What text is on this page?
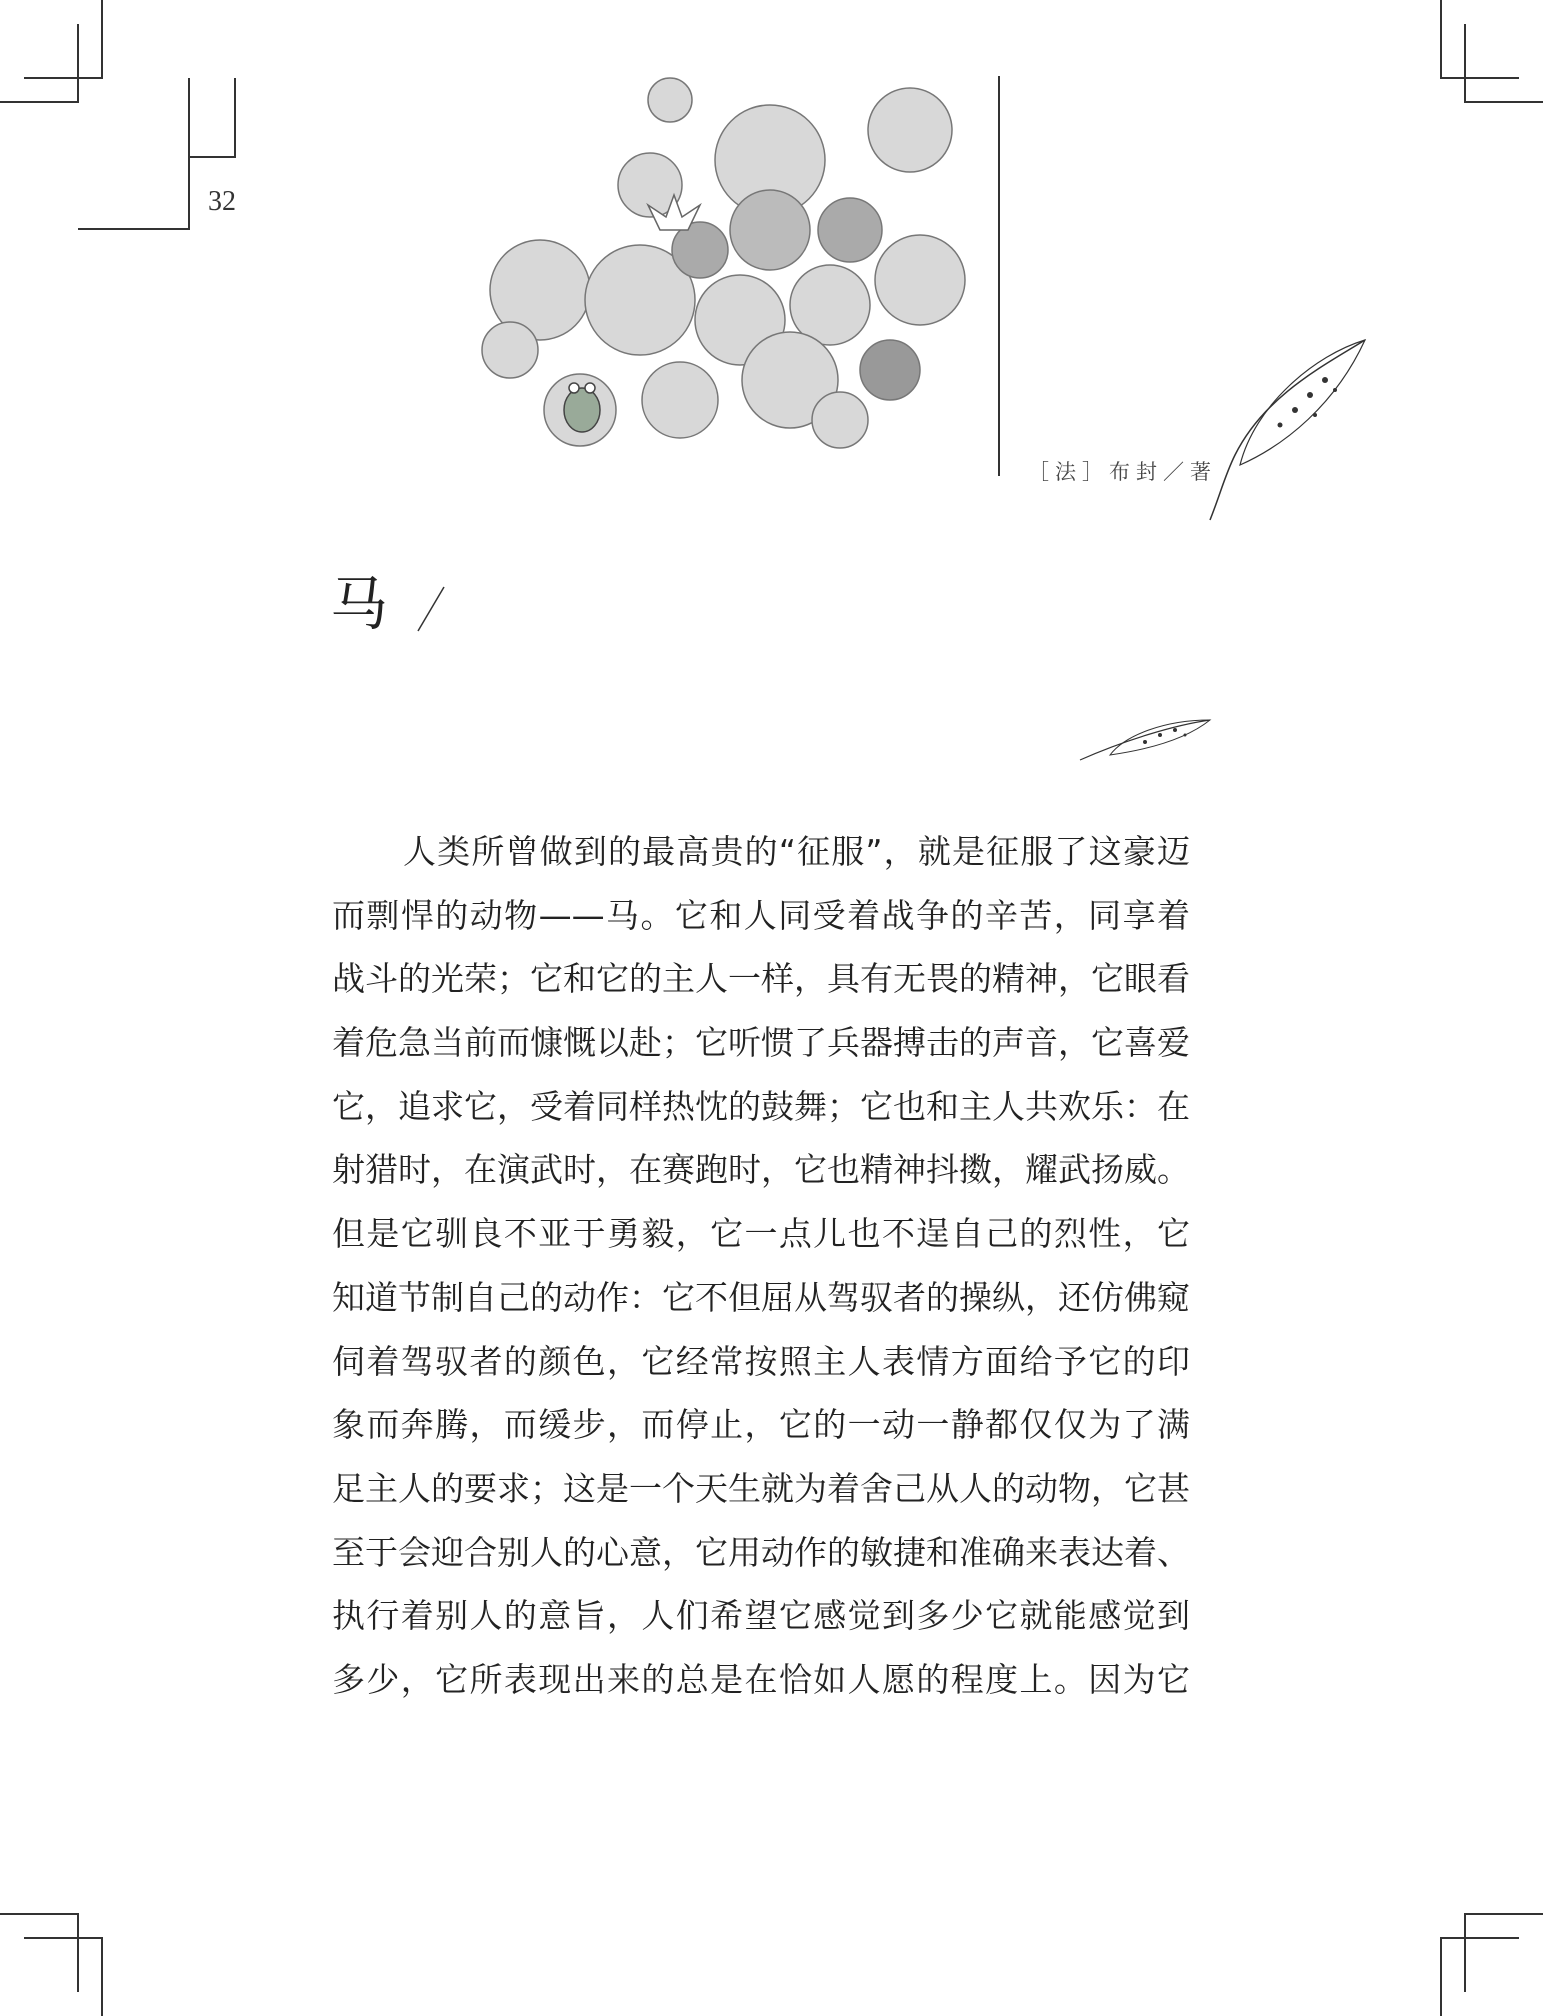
32
［法］布封／著
马
人类所曾做到的最高贵的“征服”，就是征服了这豪迈
而剽悍的动物——马。它和人同受着战争的辛苦，同享着
战斗的光荣；它和它的主人一样，具有无畏的精神，它眼看
着危急当前而慷慨以赴；它听惯了兵器搏击的声音，它喜爱
它，追求它，受着同样热忱的鼓舞；它也和主人共欢乐：在
射猎时，在演武时，在赛跑时，它也精神抖擞，耀武扬威。
但是它驯良不亚于勇毅，它一点儿也不逞自己的烈性，它
知道节制自己的动作：它不但屈从驾驭者的操纵，还仿佛窥
伺着驾驭者的颜色，它经常按照主人表情方面给予它的印
象而奔腾，而缓步，而停止，它的一动一静都仅仅为了满
足主人的要求；这是一个天生就为着舍己从人的动物，它甚
至于会迎合别人的心意，它用动作的敏捷和准确来表达着、
执行着别人的意旨，人们希望它感觉到多少它就能感觉到
多少，它所表现出来的总是在恰如人愿的程度上。因为它
